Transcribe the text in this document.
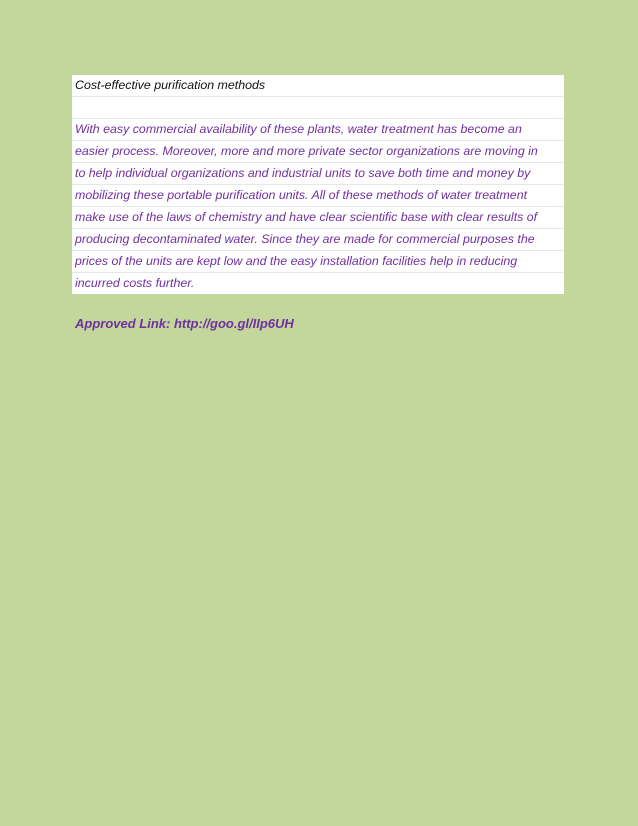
Cost-effective purification methods
With easy commercial availability of these plants, water treatment has become an
easier process. Moreover, more and more private sector organizations are moving in
to help individual organizations and industrial units to save both time and money by
mobilizing these portable purification units. All of these methods of water treatment
make use of the laws of chemistry and have clear scientific base with clear results of
producing decontaminated water. Since they are made for commercial purposes the
prices of the units are kept low and the easy installation facilities help in reducing
incurred costs further.
Approved Link: http://goo.gl/IIp6UH
